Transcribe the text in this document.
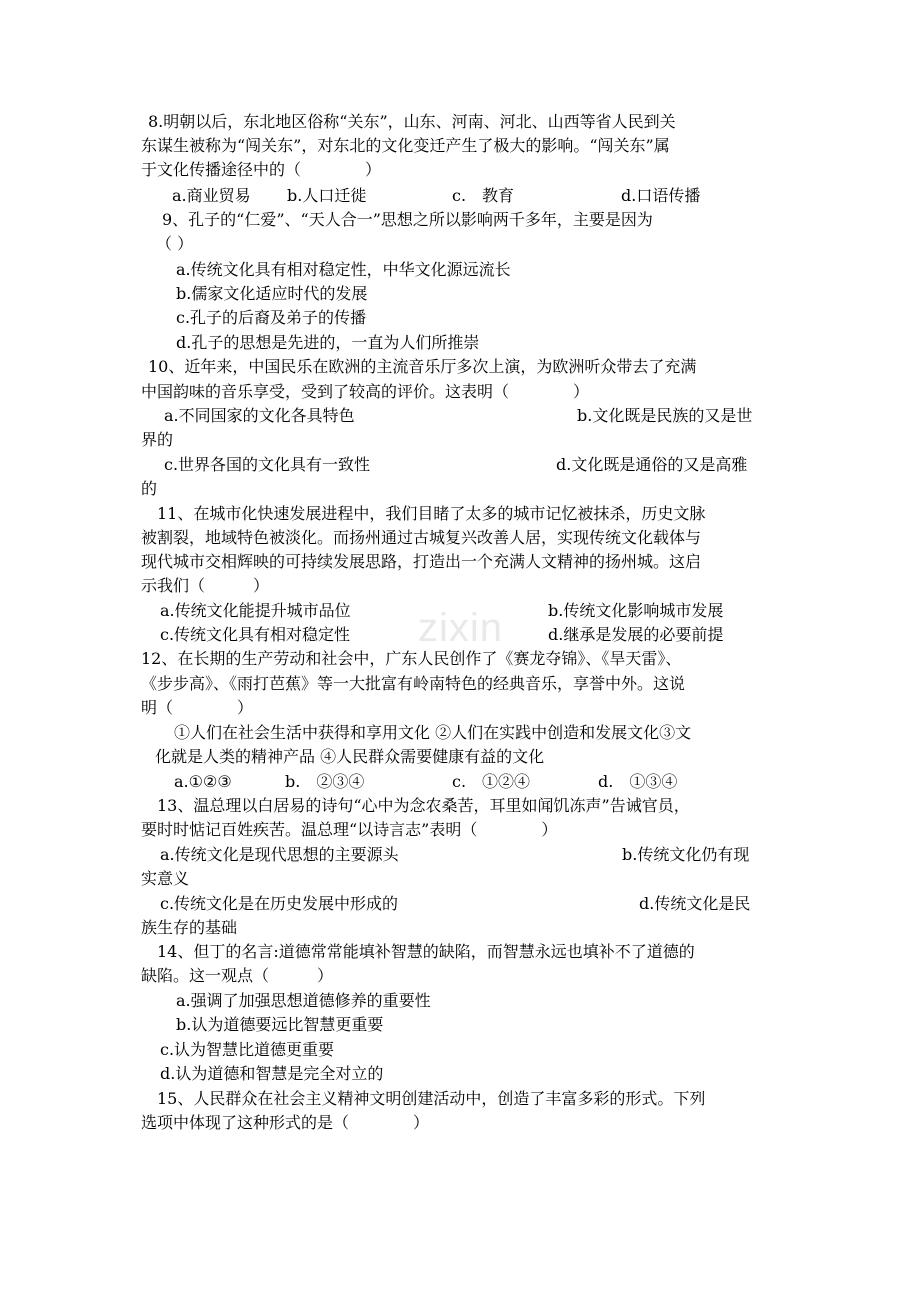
zixin
8.明朝以后，东北地区俗称“关东”，山东、河南、河北、山西等省人民到关
东谋生被称为“闯关东”，对东北的文化变迁产生了极大的影响。“闯关东”属
于文化传播途径中的（　　　　）
a.商业贸易 b.人口迁徙	c.　教育	d.口语传播
9、孔子的“仁爱”、“天人合一”思想之所以影响两千多年，主要是因为
（ ）
a.传统文化具有相对稳定性，中华文化源远流长
b.儒家文化适应时代的发展
c.孔子的后裔及弟子的传播
d.孔子的思想是先进的，一直为人们所推崇
10、近年来，中国民乐在欧洲的主流音乐厅多次上演，为欧洲听众带去了充满
中国韵味的音乐享受，受到了较高的评价。这表明（　　　　）
a.不同国家的文化各具特色	b.文化既是民族的又是世
界的
c.世界各国的文化具有一致性	d.文化既是通俗的又是高雅
的
11、在城市化快速发展进程中，我们目睹了太多的城市记忆被抹杀，历史文脉
被割裂，地域特色被淡化。而扬州通过古城复兴改善人居，实现传统文化载体与
现代城市交相辉映的可持续发展思路，打造出一个充满人文精神的扬州城。这启
示我们（　　　）
a.传统文化能提升城市品位	b.传统文化影响城市发展
c.传统文化具有相对稳定性	d.继承是发展的必要前提
12、在长期的生产劳动和社会中，广东人民创作了《赛龙夺锦》、《旱天雷》、
《步步高》、《雨打芭蕉》等一大批富有岭南特色的经典音乐，享誉中外。这说
明（　　　　）
①人们在社会生活中获得和享用文化 ②人们在实践中创造和发展文化③文
化就是人类的精神产品 ④人民群众需要健康有益的文化
a.①②③	b.　②③④	c.　①②④	d.　①③④
13、温总理以白居易的诗句“心中为念农桑苦，耳里如闻饥冻声”告诫官员，
要时时惦记百姓疾苦。温总理“以诗言志”表明（　　　　）
a.传统文化是现代思想的主要源头	b.传统文化仍有现
实意义
c.传统文化是在历史发展中形成的	d.传统文化是民
族生存的基础
14、但丁的名言:道德常常能填补智慧的缺陷，而智慧永远也填补不了道德的
缺陷。这一观点（　　　）
a.强调了加强思想道德修养的重要性
b.认为道德要远比智慧更重要
c.认为智慧比道德更重要
d.认为道德和智慧是完全对立的
15、人民群众在社会主义精神文明创建活动中，创造了丰富多彩的形式。下列
选项中体现了这种形式的是（　　　　）
